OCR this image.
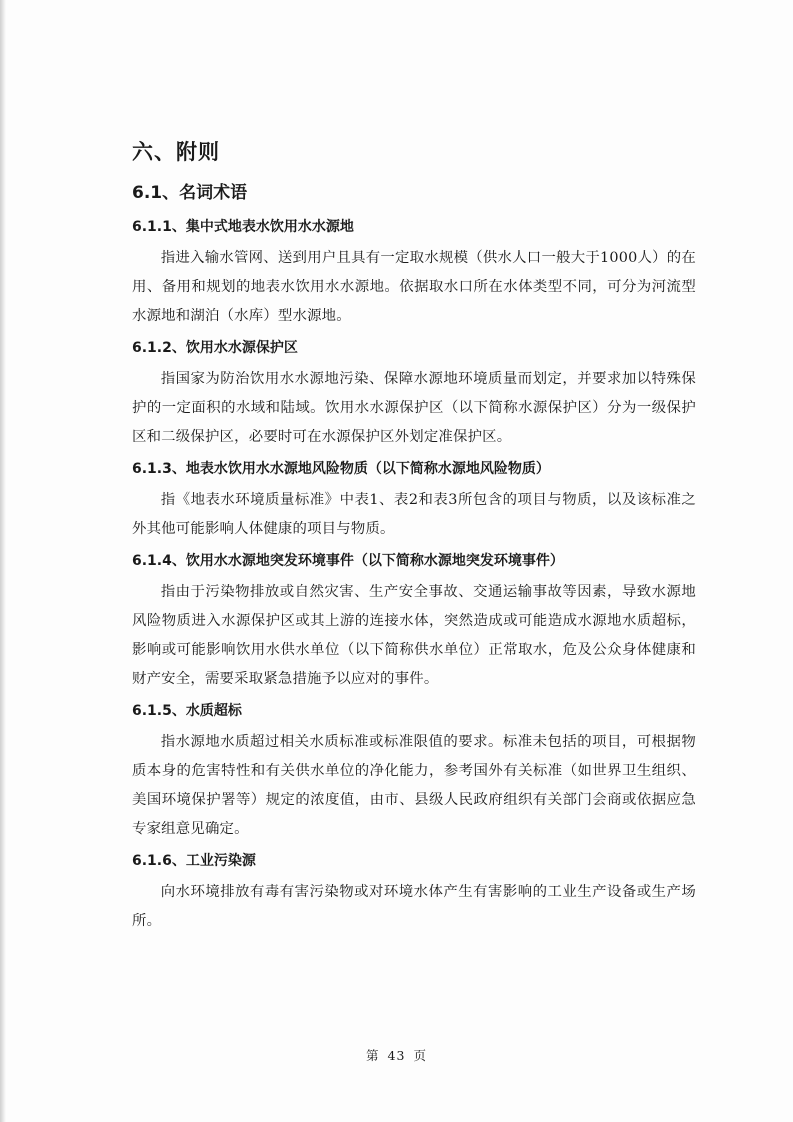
六、附则
6.1、名词术语
6.1.1、集中式地表水饮用水水源地

指进入输水管网、送到用户且具有一定取水规模（供水人口一般大于1000人）的在用、备用和规划的地表水饮用水水源地。依据取水口所在水体类型不同，可分为河流型水源地和湖泊（水库）型水源地。

6.1.2、饮用水水源保护区

指国家为防治饮用水水源地污染、保障水源地环境质量而划定，并要求加以特殊保护的一定面积的水域和陆域。饮用水水源保护区（以下简称水源保护区）分为一级保护区和二级保护区，必要时可在水源保护区外划定准保护区。

6.1.3、地表水饮用水水源地风险物质（以下简称水源地风险物质）

指《地表水环境质量标准》中表1、表2和表3所包含的项目与物质，以及该标准之外其他可能影响人体健康的项目与物质。

6.1.4、饮用水水源地突发环境事件（以下简称水源地突发环境事件）

指由于污染物排放或自然灾害、生产安全事故、交通运输事故等因素，导致水源地风险物质进入水源保护区或其上游的连接水体，突然造成或可能造成水源地水质超标，影响或可能影响饮用水供水单位（以下简称供水单位）正常取水，危及公众身体健康和财产安全，需要采取紧急措施予以应对的事件。

6.1.5、水质超标

指水源地水质超过相关水质标准或标准限值的要求。标准未包括的项目，可根据物质本身的危害特性和有关供水单位的净化能力，参考国外有关标准（如世界卫生组织、美国环境保护署等）规定的浓度值，由市、县级人民政府组织有关部门会商或依据应急专家组意见确定。

6.1.6、工业污染源

向水环境排放有毒有害污染物或对环境水体产生有害影响的工业生产设备或生产场所。

第 43 页
